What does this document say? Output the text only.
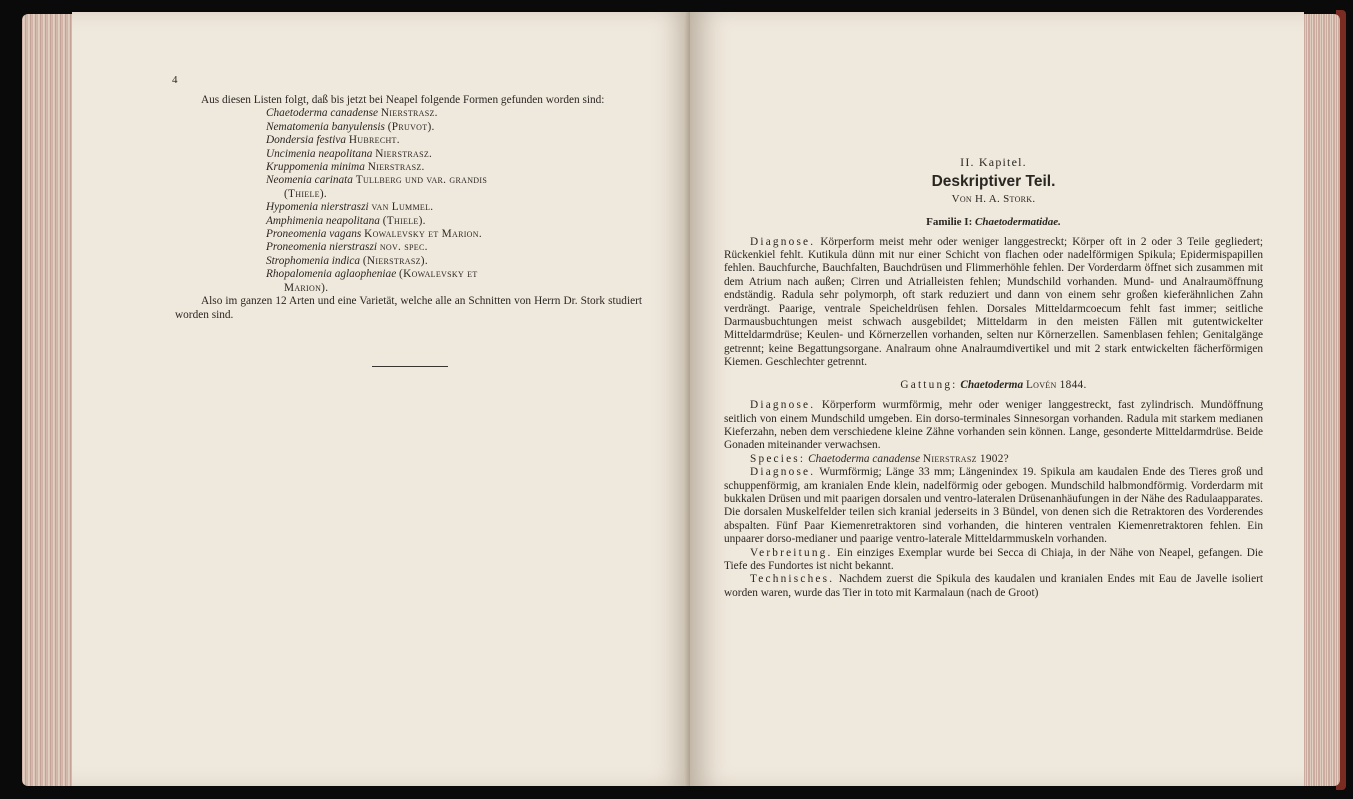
4

Aus diesen Listen folgt, daß bis jetzt bei Neapel folgende Formen gefunden worden sind:

Chaetoderma canadense Nierstrasz.
Nematomenia banyulensis (Pruvot).
Dondersia festiva Hubrecht.
Uncimenia neapolitana Nierstrasz.
Kruppomenia minima Nierstrasz.
Neomenia carinata Tullberg und var. grandis
(Thiele).
Hypomenia nierstraszi van Lummel.
Amphimenia neapolitana (Thiele).
Proneomenia vagans Kowalevsky et Marion.
Proneomenia nierstraszi nov. spec.
Strophomenia indica (Nierstrasz).
Rhopalomenia aglaopheniae (Kowalevsky et
Marion).

Also im ganzen 12 Arten und eine Varietät, welche alle an Schnitten von Herrn Dr. Stork studiert worden sind.

II. Kapitel.
Deskriptiver Teil.
Von H. A. Stork.
Familie I: Chaetodermatidae.

Diagnose. Körperform meist mehr oder weniger langgestreckt; Körper oft in 2 oder 3 Teile gegliedert; Rückenkiel fehlt. Kutikula dünn mit nur einer Schicht von flachen oder nadelförmigen Spikula; Epidermispapillen fehlen. Bauchfurche, Bauchfalten, Bauchdrüsen und Flimmerhöhle fehlen. Der Vorderdarm öffnet sich zusammen mit dem Atrium nach außen; Cirren und Atrialleisten fehlen; Mundschild vorhanden. Mund- und Analraumöffnung endständig. Radula sehr polymorph, oft stark reduziert und dann von einem sehr großen kieferähnlichen Zahn verdrängt. Paarige, ventrale Speicheldrüsen fehlen. Dorsales Mitteldarmcoecum fehlt fast immer; seitliche Darmausbuchtungen meist schwach ausgebildet; Mitteldarm in den meisten Fällen mit gutentwickelter Mitteldarmdrüse; Keulen- und Körnerzellen vorhanden, selten nur Körnerzellen. Samenblasen fehlen; Genitalgänge getrennt; keine Begattungsorgane. Analraum ohne Analraumdivertikel und mit 2 stark entwickelten fächerförmigen Kiemen. Geschlechter getrennt.

Gattung: Chaetoderma Lovén 1844.

Diagnose. Körperform wurmförmig, mehr oder weniger langgestreckt, fast zylindrisch. Mundöffnung seitlich von einem Mundschild umgeben. Ein dorso-terminales Sinnesorgan vorhanden. Radula mit starkem medianen Kieferzahn, neben dem verschiedene kleine Zähne vorhanden sein können. Lange, gesonderte Mitteldarmdrüse. Beide Gonaden miteinander verwachsen.

Species: Chaetoderma canadense Nierstrasz 1902?

Diagnose. Wurmförmig; Länge 33 mm; Längenindex 19. Spikula am kaudalen Ende des Tieres groß und schuppenförmig, am kranialen Ende klein, nadelförmig oder gebogen. Mundschild halbmondförmig. Vorderdarm mit bukkalen Drüsen und mit paarigen dorsalen und ventro-lateralen Drüsenanhäufungen in der Nähe des Radulaapparates. Die dorsalen Muskelfelder teilen sich kranial jederseits in 3 Bündel, von denen sich die Retraktoren des Vorderendes abspalten. Fünf Paar Kiemenretraktoren sind vorhanden, die hinteren ventralen Kiemenretraktoren fehlen. Ein unpaarer dorso-medianer und paarige ventro-laterale Mitteldarmmuskeln vorhanden.

Verbreitung. Ein einziges Exemplar wurde bei Secca di Chiaja, in der Nähe von Neapel, gefangen. Die Tiefe des Fundortes ist nicht bekannt.

Technisches. Nachdem zuerst die Spikula des kaudalen und kranialen Endes mit Eau de Javelle isoliert worden waren, wurde das Tier in toto mit Karmalaun (nach de Groot)
